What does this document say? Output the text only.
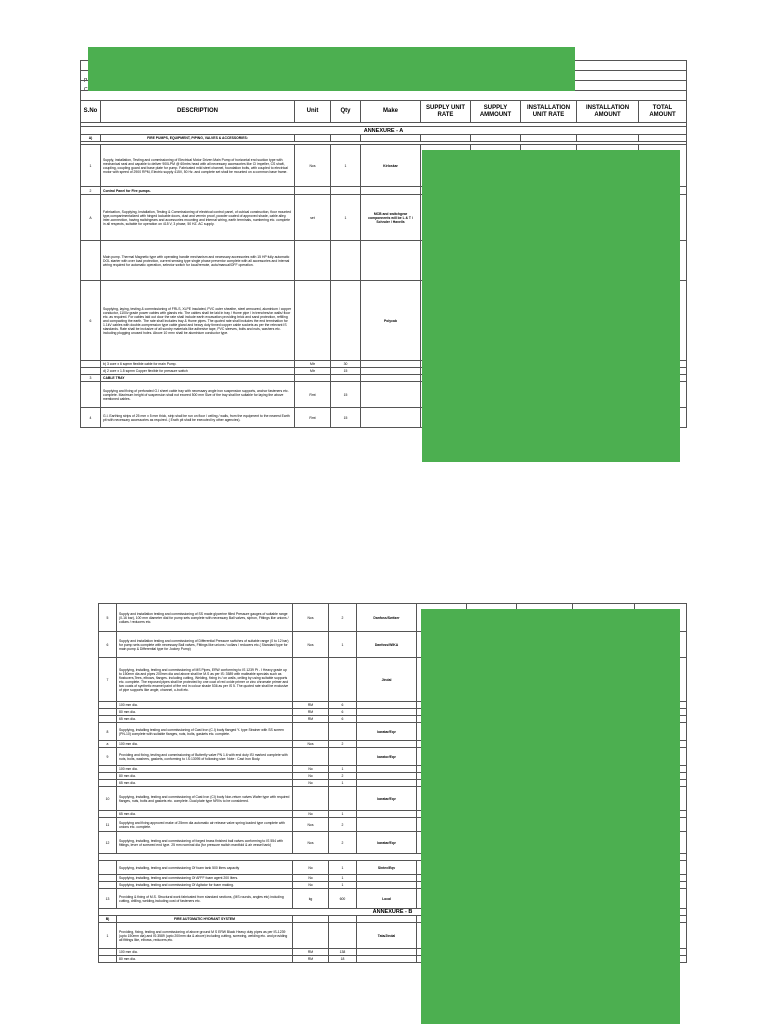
P
C

S.No	DESCRIPTION	Unit	Qty	Make	SUPPLY UNIT RATE	SUPPLY AMMOUNT	INSTALLATION UNIT RATE	INSTALLATION AMOUNT	TOTAL AMOUNT

ANNEXURE - A									
A)	FIRE PUMPS, EQUIPMENT, PIPING, VALVES & ACCESSORIES:								

1	Supply, installation, Testing and commissioning of Electrical Motor Driven Main Pump of horizontal end suction type with mechanical seal and capable to deliver 900LPM @ 60mtrs head with all necessary accessories like CI impeller, CS shaft, coupling, coupling guard and base plate for pump. Fabricated mild steel channel, foundation bolts, with coupled to electrical motor with speed of 2900 RPM, Electric supply 415V, 50 Hz. and complete set shall be mounted on a common base frame.	Nos	1	Kirloskar					
2	Control Panel for Fire pumps.								
A	Fabrication, Supplying, Installation, Testing & Commissioning of electrical control panel, of cubical construction, floor mounted type,compartmentalized with hinged lockable doors, dust and vermin proof, powder coated of approved shade, cable alley, inter-connection, having switchgears and accessories mounting and internal wiring, earth terminals, numbering etc. complete in all respects, suitable for operation on 415 V, 3 phase, 50 HZ. AC supply.	set	1	MCB and switchgear componnents will be L & T / Schnder / Havells					
	Main pump. Thermal Magnetic type with operating handle mechanism and necessary accessories with 15 HP fully automatic DOL starter with over load protection, current sensing type single phase preventor complete with all accessories and internal wiring required for automatic operation, selector switch for local/remote, auto/manual/OFF operation.								
6	Supplying, laying, testing & commissioning of FRLS, XLPE insulated, PVC outer sheathe, steel armoured, aluminium / copper conductor, 1100v grade power cables with glands etc. The cables shall be laid in tray / Hume pipe / in trenches/on walls/ floor etc. as required. For cables laid out door the rate shall include earth excavation providing brick and sand protection, refilling and compacting the earth. The rate shall includes tray & Hume pipes. The quoted rate shall includes the end termination for 1.1kV cables with double-compression type cable gland and heavy duty tinned copper cable sockets as per the relevant IS standards. Rate shall be inclusive of all sundry materials like adhesive tape, PVC sleeves, bolts and nuts, washers etc. including plugging unused holes. Above 10 mm² shall be aluminium conductor type.			Polycab					
	b) 3 core x 6 sqmm flexible cable for main Pump.	Mtr	30						
	d) 2 core x 1.5 sqmm Copper flexible for pressure switch	Mtr	15						
3	CABLE TRAY								
	Supplying and fixing of perforated G.I sheet cable tray with necessary angle iron suspension supports, anchor fasteners etc. complete. Maximum height of suspension shall not exceed 500 mm Size of the tray shall be suitable for laying the above mentioned cables.	Rmt	15						
4	G.I. Earthing strips of 25 mm x 5 mm thick, strip shall be run on floor / ceiling / walls, from the equipment to the nearest Earth pit with necessary accessories as required. ( Erath pit shall be executed by other agencies).	Rmt	15						
5	Supply and installation testing and commissioning of SS made glycerine filled Pressure gauges of suitable range (0-16 bar), 100 mm diameter dial for pump sets complete with necessary Ball valves, siphon, Fittings like unions / collars / reducers etc.	Nos	2	Danfoss/Switzer					
6	Supply and installation testing and commissioning of Differential Pressure switches of suitable range (0 to 12 bar) for pump sets complete with necessary Ball valves, Fittings like unions / collars / reducers etc.( Standard type for main pump & Differential type for Jockey Pump)	Nos	1	Danfoss/WIKA					
7	Supplying, installing, testing and commissioning of MS Pipes, ERW conforming to IS 1239 Pt - I Heavy grade up to 150mm dia and pipes 200mm dia and above shall be M.S as per IS: 3589 with malleable specials such as flostucers,Tees, elbows, flanges. including cutting, Welding, fixing in / on walls, ceiling by using suitable supports etc. complete. The exposed pipes shall be protected by one coat of red oxide primer or zinc chromate primer and two coats of synthetic enamel paint of fire red in colour shade 536 as per IS 5. The quoted rate shall be exclusive of pipe supports like angle, channel, u-bolt etc.			Jindal					
	100 mm dia.	RM	6						
	80 mm dia.	RM	6						
	65 mm dia.	RM	6						
8	Supplying, installing testing and commissioning of Cast Iron (C.I) body flanged Y- type Strainer with SS screen (PN-10) complete with suitable flanges, nuts, bolts, gaskets etc. complete.			karatar/Eqv					
a	100 mm dia.	Nos	2						
9	Providing and fixing, testing and commissioning of Butterfly valve PN 1.6 with end duty ISI marked complete with nuts, bolts, washers, gaskets, conforming to I.S:13095 of following size: Note : Cast Iron Body.			karator/Eqv					
	100 mm dia.	No	1						
	80 mm dia.	No	2						
	65 mm dia.	No	1						
10	Supplying, installing, testing and commissioning of Cast Iron (CI) body Non-return valves Wafer type with required flanges, nuts, bolts and gaskets etc. complete. Dual plate type NRVs to be considered.			karatar/Eqv					
	65 mm dia.	No	1						
11	Supplying and fixing approved make of 25mm dia automatic air release valve spring loaded type complete with unions etc. complete.	Nos	2						
12	Supplying, installing, testing and commissioning of forged brass finished ball valves conforming to IS 554 with fittings, lever of screwed end type. 25 mm nominal dia (for pressure switch manifold & air vessel tank)	Nos	2	karatar/Eqv					

	Supplying, installing, testing and commissioning Of foam tank 500 liters capacity	No	1	Sintex/Eqv					
	Supplying, installing, testing and commissioning Of AFFF foam agent 200 liters.	No	1						
	Supplying, installing, testing and commissioning Of Agitator for foam making.	No	1						
13	Providing & fixing of M.S. Structural work fabricated from standard sections, (MS rounds, angles etc) including cutting, drilling, welding,including cost of fasteners etc.	kg	600	Local					
ANNEXURE - B									
B)	FIRE AUTOMATIC HYDRANT SYSTEM								
1	Providing, fixing, testing and commissioning of above ground M S ERW Black Heavy duty pipes as per IS-1239 (upto 150mm dia) and IS:3589 (upto 200mm dia & above) including cutting, screwing, welding etc. and providing all fittings like, elbows, reducers,etc.			Tata/Jindal					
	100 mm dia.	RM	138						
	80 mm dia.	RM	18						
